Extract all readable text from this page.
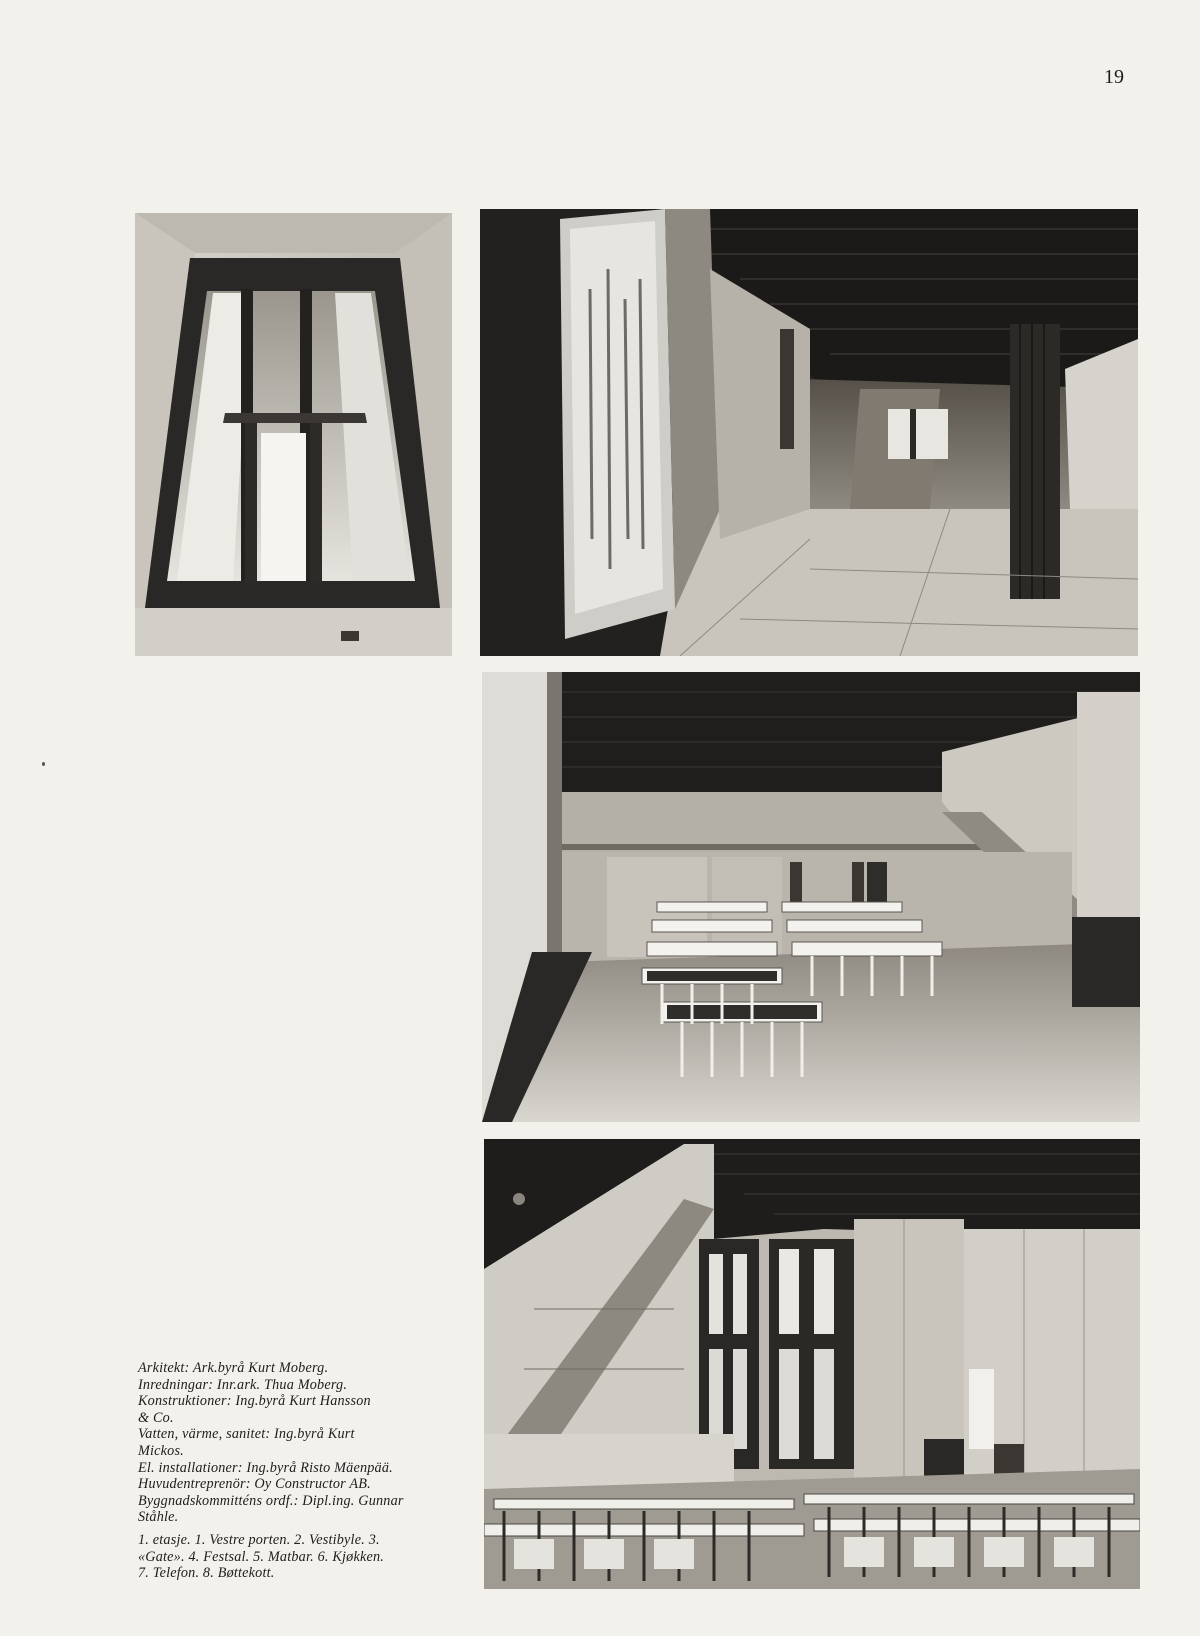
19
Arkitekt: Ark.byrå Kurt Moberg.
Inredningar: Inr.ark. Thua Moberg.
Konstruktioner: Ing.byrå Kurt Hansson
& Co.
Vatten, värme, sanitet: Ing.byrå Kurt
Mickos.
El. installationer: Ing.byrå Risto Mäenpää.
Huvudentreprenör: Oy Constructor AB.
Byggnadskommitténs ordf.: Dipl.ing. Gunnar
Ståhle.
1. etasje. 1. Vestre porten. 2. Vestibyle. 3.
«Gate». 4. Festsal. 5. Matbar. 6. Kjøkken.
7. Telefon. 8. Bøttekott.
